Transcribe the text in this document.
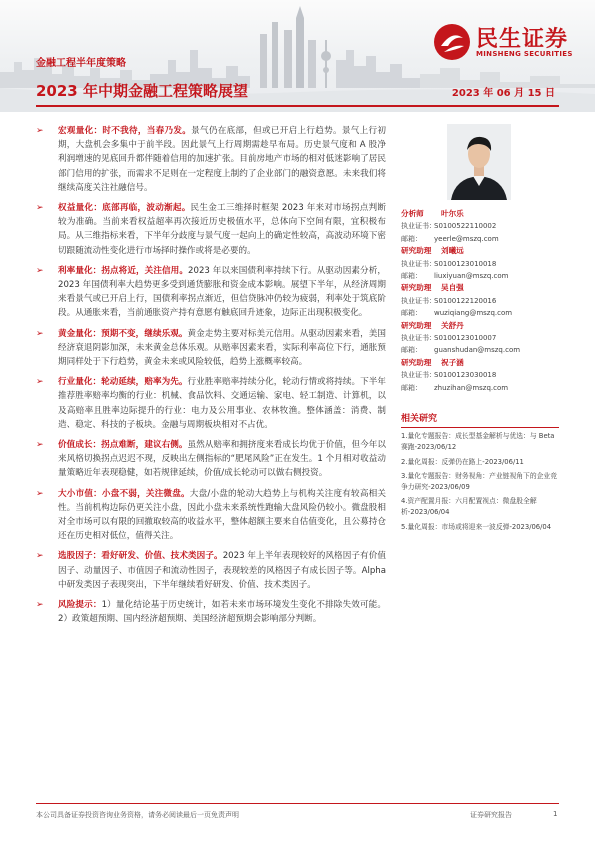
民生证券
MINSHENG SECURITIES
金融工程半年度策略
2023 年中期金融工程策略展望	2023 年 06 月 15 日
➢ 宏观量化：时不我待，当春乃发。景气仍在底部，但或已开启上行趋势。景气上行初期，大盘机会多集中于前半段。因此景气上行周期需趁早布局。历史景气度和 A 股净利润增速的见底回升都伴随着信用的加速扩张。目前房地产市场的相对低迷影响了居民部门信用的扩张，而需求不足则在一定程度上制约了企业部门的融资意愿。未来我们将继续高度关注社融信号。
➢ 权益量化：底部再临，波动渐起。民生金工三维择时框架 2023 年来对市场拐点判断较为准确。当前来看权益超率再次接近历史极值水平，总体向下空间有限，宜积极布局。从三维指标来看，下半年分歧度与景气度一起向上的确定性较高，高波动环境下密切跟随流动性变化进行市场择时操作或将是必要的。
➢ 利率量化：拐点将近，关注信用。2023 年以来国债利率持续下行。从驱动因素分析，2023 年国债利率大趋势更多受到通货膨胀和资金成本影响。展望下半年，从经济周期来看景气或已开启上行，国债利率拐点渐近，但信贷脉冲仍较为疲弱，利率处于筑底阶段。从通胀来看，当前通胀资产持有意愿有触底回升迹象，边际正出现积极变化。
➢ 黄金量化：预期不变，继续乐观。黄金走势主要对标美元信用。从驱动因素来看，美国经济衰退阴影加深，未来黄金总体乐观。从赔率因素来看，实际利率高位下行，通胀预期同样处于下行趋势，黄金未来或风险较低，趋势上涨概率较高。
➢ 行业量化：轮动延续，赔率为先。行业胜率赔率持续分化，轮动行情或将持续。下半年推荐胜率赔率均衡的行业：机械、食品饮料、交通运输、家电、轻工制造、计算机，以及高赔率且胜率边际提升的行业：电力及公用事业、农林牧渔。整体涵盖：消费、制造、稳定、科技的子板块。金融与周期板块相对不占优。
➢ 价值成长：拐点难断，建议右侧。虽然从赔率和拥挤度来看成长均优于价值，但今年以来风格切换拐点迟迟不现，反映出左侧指标的“肥尾风险”正在发生。1 个月相对收益动量策略近年表现稳健，如若规律延续，价值/成长轮动可以做右侧投资。
➢ 大小市值：小盘不弱，关注微盘。大盘/小盘的轮动大趋势上与机构关注度有较高相关性。当前机构边际仍更关注小盘，因此小盘未来系统性跑输大盘风险仍较小。微盘股相对全市场可以有限的回撤取较高的收益水平，整体超额主要来自估值变化，且公募持仓还在历史相对低位，值得关注。
➢ 选股因子：看好研发、价值、技术类因子。2023 年上半年表现较好的风格因子有价值因子、动量因子、市值因子和流动性因子，表现较差的风格因子有成长因子等。Alpha 中研发类因子表现突出，下半年继续看好研发、价值、技术类因子。
➢ 风险提示：1）量化结论基于历史统计，如若未来市场环境发生变化不排除失效可能。2）政策超预期、国内经济超预期、美国经济超预期会影响部分判断。
分析师 叶尔乐
执业证书：S0100522110002
邮箱： yeerle@mszq.com
研究助理 刘曦远
执业证书：S0100123010018
邮箱： liuxiyuan@mszq.com
研究助理 吴自强
执业证书：S0100122120016
邮箱： wuziqiang@mszq.com
研究助理 关舒丹
执业证书：S0100123010007
邮箱： guanshudan@mszq.com
研究助理 祝子涵
执业证书：S0100123030018
邮箱： zhuzihan@mszq.com
相关研究
1.量化专题报告：成长型基金解析与优选：与 Beta 赛跑-2023/06/12
2.量化周报：反弹仍在路上-2023/06/11
3.量化专题报告：财务视角：产业链视角下的企业竞争力研究-2023/06/09
4.资产配置月报：六月配置视点：微盘股全解析-2023/06/04
5.量化周报：市场或将迎来一波反弹-2023/06/04
本公司具备证券投资咨询业务资格，请务必阅读最后一页免责声明	证券研究报告	1
